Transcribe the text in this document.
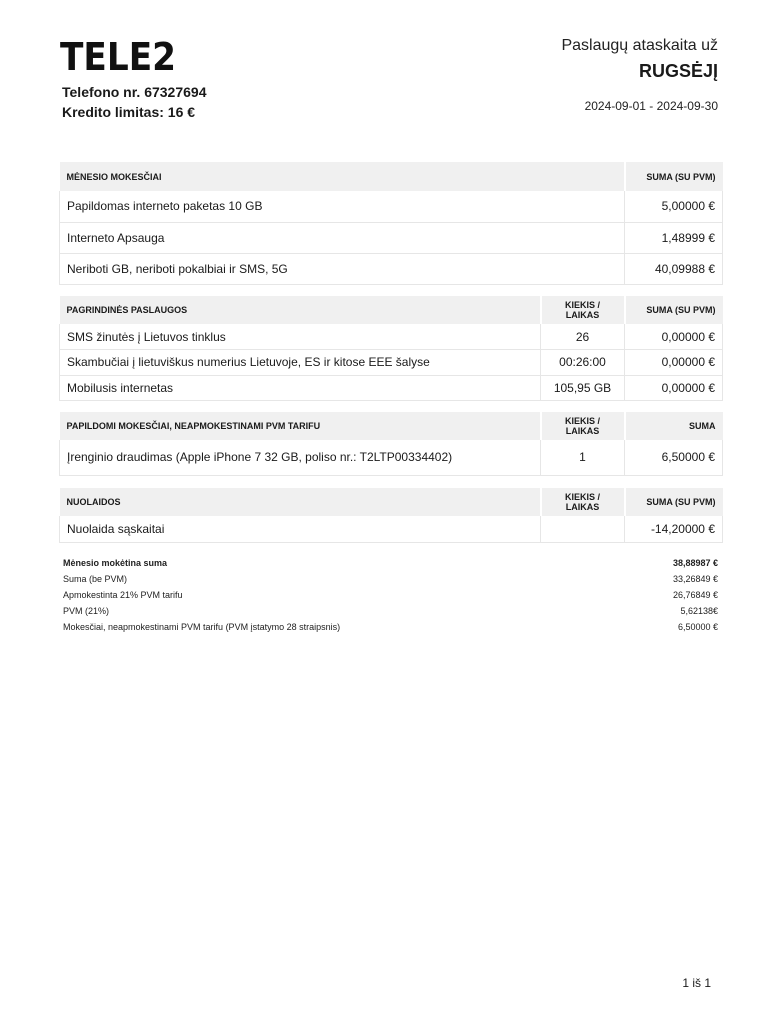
TELE2
Telefono nr. 67327694
Kredito limitas: 16 €
Paslaugų ataskaita už
RUGSĖJĮ
2024-09-01 - 2024-09-30
MĖNESIO MOKESČIAI	SUMA (SU PVM)
Papildomas interneto paketas 10 GB	5,00000 €
Interneto Apsauga	1,48999 €
Neriboti GB, neriboti pokalbiai ir SMS, 5G	40,09988 €
PAGRINDINĖS PASLAUGOS	KIEKIS / LAIKAS	SUMA (SU PVM)
SMS žinutės į Lietuvos tinklus	26	0,00000 €
Skambučiai į lietuviškus numerius Lietuvoje, ES ir kitose EEE šalyse	00:26:00	0,00000 €
Mobilusis internetas	105,95 GB	0,00000 €
PAPILDOMI MOKESČIAI, NEAPMOKESTINAMI PVM TARIFU	KIEKIS / LAIKAS	SUMA
Įrenginio draudimas (Apple iPhone 7 32 GB, poliso nr.: T2LTP00334402)	1	6,50000 €
NUOLAIDOS	KIEKIS / LAIKAS	SUMA (SU PVM)
Nuolaida sąskaitai		-14,20000 €
Mėnesio mokėtina suma	38,88987 €
Suma (be PVM)	33,26849 €
Apmokestinta 21% PVM tarifu	26,76849 €
PVM (21%)	5,62138€
Mokesčiai, neapmokestinami PVM tarifu (PVM įstatymo 28 straipsnis)	6,50000 €
1 iš 1
